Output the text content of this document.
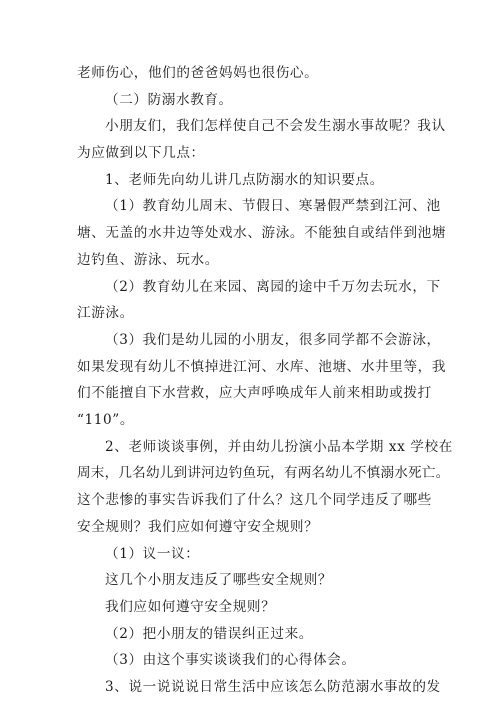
老师伤心，他们的爸爸妈妈也很伤心。
（二）防溺水教育。
小朋友们，我们怎样使自己不会发生溺水事故呢？我认
为应做到以下几点：
1、老师先向幼儿讲几点防溺水的知识要点。
（1）教育幼儿周末、节假日、寒暑假严禁到江河、池
塘、无盖的水井边等处戏水、游泳。不能独自或结伴到池塘
边钓鱼、游泳、玩水。
（2）教育幼儿在来园、离园的途中千万勿去玩水，下
江游泳。
（3）我们是幼儿园的小朋友，很多同学都不会游泳，
如果发现有幼儿不慎掉进江河、水库、池塘、水井里等，我
们不能擅自下水营救，应大声呼唤成年人前来相助或拨打
“110”。
2、老师谈谈事例，并由幼儿扮演小品本学期 xx 学校在
周末，几名幼儿到讲河边钓鱼玩，有两名幼儿不慎溺水死亡。
这个悲惨的事实告诉我们了什么？这几个同学违反了哪些
安全规则？我们应如何遵守安全规则？
（1）议一议：
这几个小朋友违反了哪些安全规则？
我们应如何遵守安全规则？
（2）把小朋友的错误纠正过来。
（3）由这个事实谈谈我们的心得体会。
3、说一说说说日常生活中应该怎么防范溺水事故的发
